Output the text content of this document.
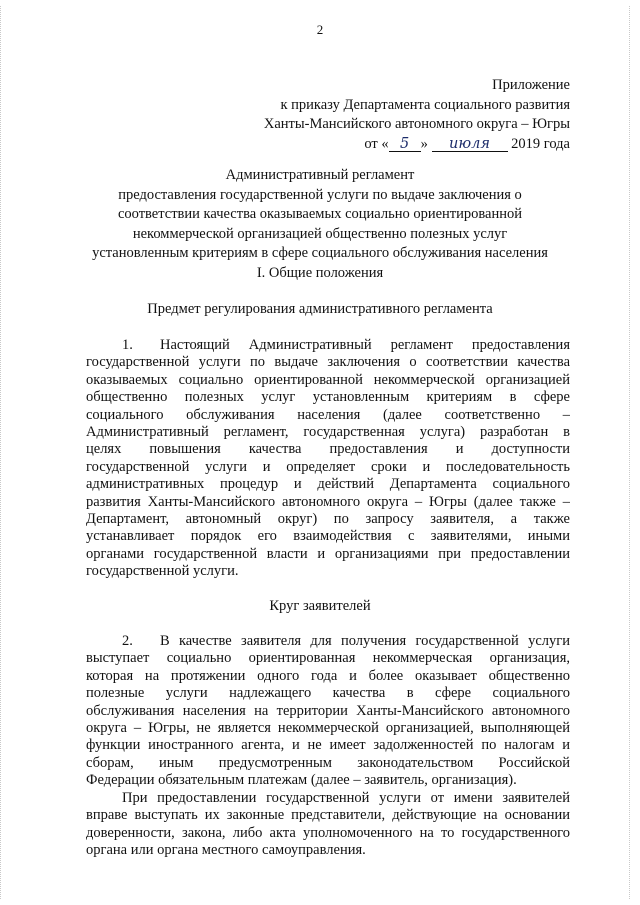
2
Приложение
к приказу Департамента социального развития
Ханты-Мансийского автономного округа – Югры
от « 5 » июля 2019 года
Административный регламент
предоставления государственной услуги по выдаче заключения о
соответствии качества оказываемых социально ориентированной
некоммерческой организацией общественно полезных услуг
установленным критериям в сфере социального обслуживания населения
I. Общие положения
Предмет регулирования административного регламента
1. Настоящий Административный регламент предоставления
государственной услуги по выдаче заключения о соответствии качества
оказываемых социально ориентированной некоммерческой организацией
общественно полезных услуг установленным критериям в сфере
социального обслуживания населения (далее соответственно –
Административный регламент, государственная услуга) разработан в
целях повышения качества предоставления и доступности
государственной услуги и определяет сроки и последовательность
административных процедур и действий Департамента социального
развития Ханты-Мансийского автономного округа – Югры (далее также –
Департамент, автономный округ) по запросу заявителя, а также
устанавливает порядок его взаимодействия с заявителями, иными
органами государственной власти и организациями при предоставлении
государственной услуги.
Круг заявителей
2. В качестве заявителя для получения государственной услуги
выступает социально ориентированная некоммерческая организация,
которая на протяжении одного года и более оказывает общественно
полезные услуги надлежащего качества в сфере социального
обслуживания населения на территории Ханты-Мансийского автономного
округа – Югры, не является некоммерческой организацией, выполняющей
функции иностранного агента, и не имеет задолженностей по налогам и
сборам, иным предусмотренным законодательством Российской
Федерации обязательным платежам (далее – заявитель, организация).
При предоставлении государственной услуги от имени заявителей
вправе выступать их законные представители, действующие на основании
доверенности, закона, либо акта уполномоченного на то государственного
органа или органа местного самоуправления.
